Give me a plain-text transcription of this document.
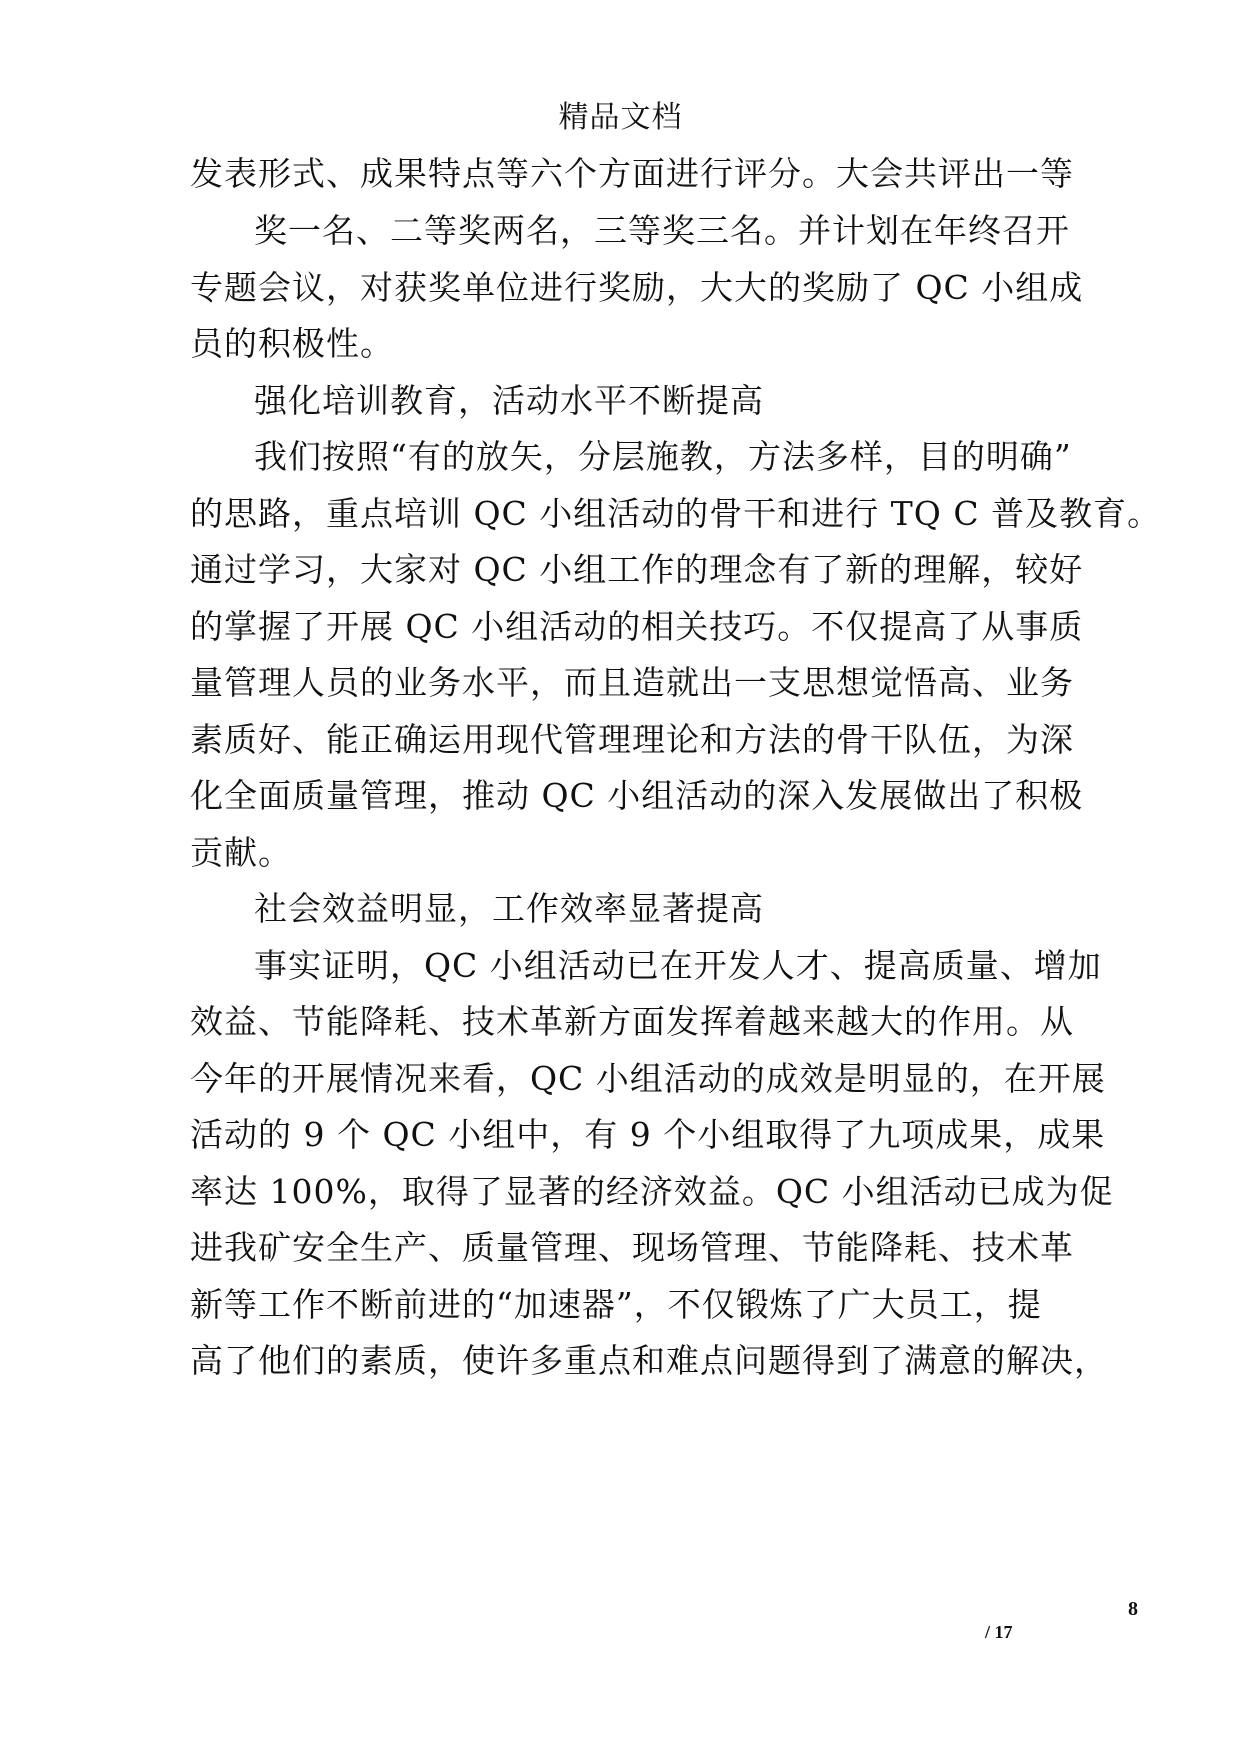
精品文档
发表形式、成果特点等六个方面进行评分。大会共评出一等
奖一名、二等奖两名，三等奖三名。并计划在年终召开
专题会议，对获奖单位进行奖励，大大的奖励了 QC 小组成
员的积极性。
强化培训教育，活动水平不断提高
我们按照“有的放矢，分层施教，方法多样，目的明确”
的思路，重点培训 QC 小组活动的骨干和进行 TQ C 普及教育。
通过学习，大家对 QC 小组工作的理念有了新的理解，较好
的掌握了开展 QC 小组活动的相关技巧。不仅提高了从事质
量管理人员的业务水平，而且造就出一支思想觉悟高、业务
素质好、能正确运用现代管理理论和方法的骨干队伍，为深
化全面质量管理，推动 QC 小组活动的深入发展做出了积极
贡献。
社会效益明显，工作效率显著提高
事实证明，QC 小组活动已在开发人才、提高质量、增加
效益、节能降耗、技术革新方面发挥着越来越大的作用。从
今年的开展情况来看，QC 小组活动的成效是明显的，在开展
活动的 9 个 QC 小组中，有 9 个小组取得了九项成果，成果
率达 100%，取得了显著的经济效益。QC 小组活动已成为促
进我矿安全生产、质量管理、现场管理、节能降耗、技术革
新等工作不断前进的“加速器”，不仅锻炼了广大员工，提
高了他们的素质，使许多重点和难点问题得到了满意的解决，
8
/ 17
